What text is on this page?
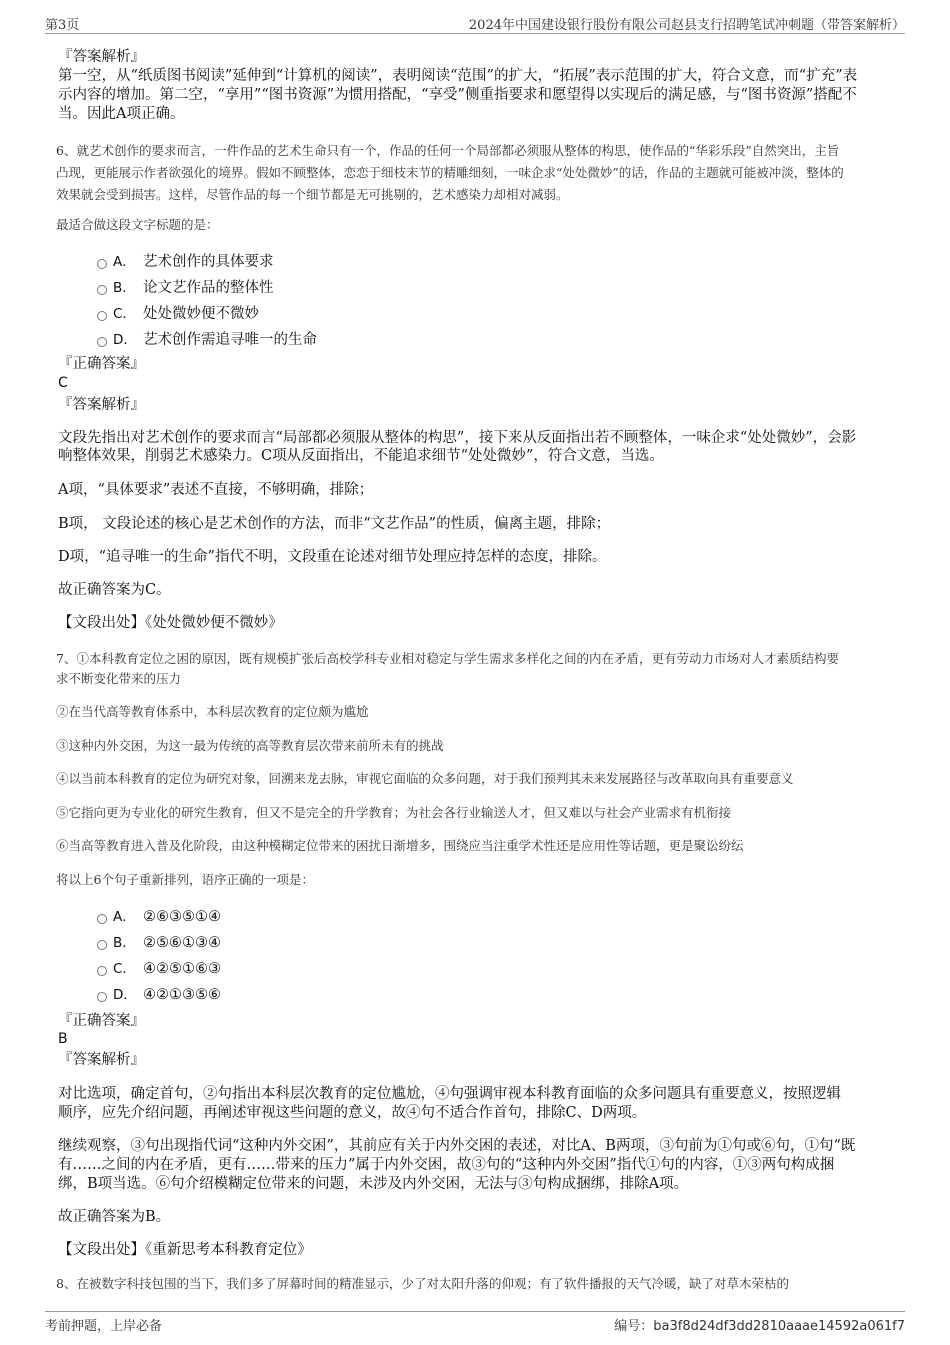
第3页	2024年中国建设银行股份有限公司赵县支行招聘笔试冲刺题（带答案解析）
『答案解析』
第一空，从“纸质图书阅读”延伸到“计算机的阅读”，表明阅读“范围”的扩大，“拓展”表示范围的扩大，符合文意，而“扩充”表
示内容的增加。第二空，“享用”“图书资源”为惯用搭配，“享受”侧重指要求和愿望得以实现后的满足感，与“图书资源”搭配不
当。因此A项正确。
6、就艺术创作的要求而言，一件作品的艺术生命只有一个，作品的任何一个局部都必须服从整体的构思，使作品的“华彩乐段”自然突出，主旨
凸现，更能展示作者欲强化的境界。假如不顾整体，恋恋于细枝末节的精雕细刻，一味企求“处处微妙”的话，作品的主题就可能被冲淡，整体的
效果就会受到损害。这样，尽管作品的每一个细节都是无可挑剔的，艺术感染力却相对减弱。
最适合做这段文字标题的是：
A． 艺术创作的具体要求
B． 论文艺作品的整体性
C． 处处微妙便不微妙
D． 艺术创作需追寻唯一的生命
『正确答案』
C
『答案解析』
文段先指出对艺术创作的要求而言“局部都必须服从整体的构思”，接下来从反面指出若不顾整体，一味企求“处处微妙”，会影
响整体效果，削弱艺术感染力。C项从反面指出，不能追求细节“处处微妙”，符合文意，当选。
A项，“具体要求”表述不直接，不够明确，排除；
B项， 文段论述的核心是艺术创作的方法，而非“文艺作品”的性质，偏离主题，排除；
D项，“追寻唯一的生命”指代不明，文段重在论述对细节处理应持怎样的态度，排除。
故正确答案为C。
【文段出处】《处处微妙便不微妙》
7、①本科教育定位之困的原因，既有规模扩张后高校学科专业相对稳定与学生需求多样化之间的内在矛盾，更有劳动力市场对人才素质结构要
求不断变化带来的压力
②在当代高等教育体系中，本科层次教育的定位颇为尴尬
③这种内外交困，为这一最为传统的高等教育层次带来前所未有的挑战
④以当前本科教育的定位为研究对象，回溯来龙去脉，审视它面临的众多问题，对于我们预判其未来发展路径与改革取向具有重要意义
⑤它指向更为专业化的研究生教育，但又不是完全的升学教育；为社会各行业输送人才，但又难以与社会产业需求有机衔接
⑥当高等教育进入普及化阶段，由这种模糊定位带来的困扰日渐增多，围绕应当注重学术性还是应用性等话题，更是聚讼纷纭
将以上6个句子重新排列，语序正确的一项是：
A． ②⑥③⑤①④
B． ②⑤⑥①③④
C． ④②⑤①⑥③
D． ④②①③⑤⑥
『正确答案』
B
『答案解析』
对比选项，确定首句，②句指出本科层次教育的定位尴尬，④句强调审视本科教育面临的众多问题具有重要意义，按照逻辑
顺序，应先介绍问题，再阐述审视这些问题的意义，故④句不适合作首句，排除C、D两项。
继续观察，③句出现指代词“这种内外交困”，其前应有关于内外交困的表述，对比A、B两项，③句前为①句或⑥句，①句“既
有……之间的内在矛盾，更有……带来的压力”属于内外交困，故③句的“这种内外交困”指代①句的内容，①③两句构成捆
绑，B项当选。⑥句介绍模糊定位带来的问题，未涉及内外交困，无法与③句构成捆绑，排除A项。
故正确答案为B。
【文段出处】《重新思考本科教育定位》
8、在被数字科技包围的当下，我们多了屏幕时间的精准显示，少了对太阳升落的仰观；有了软件播报的天气冷暖，缺了对草木荣枯的
考前押题，上岸必备	编号：ba3f8d24df3dd2810aaae14592a061f7
